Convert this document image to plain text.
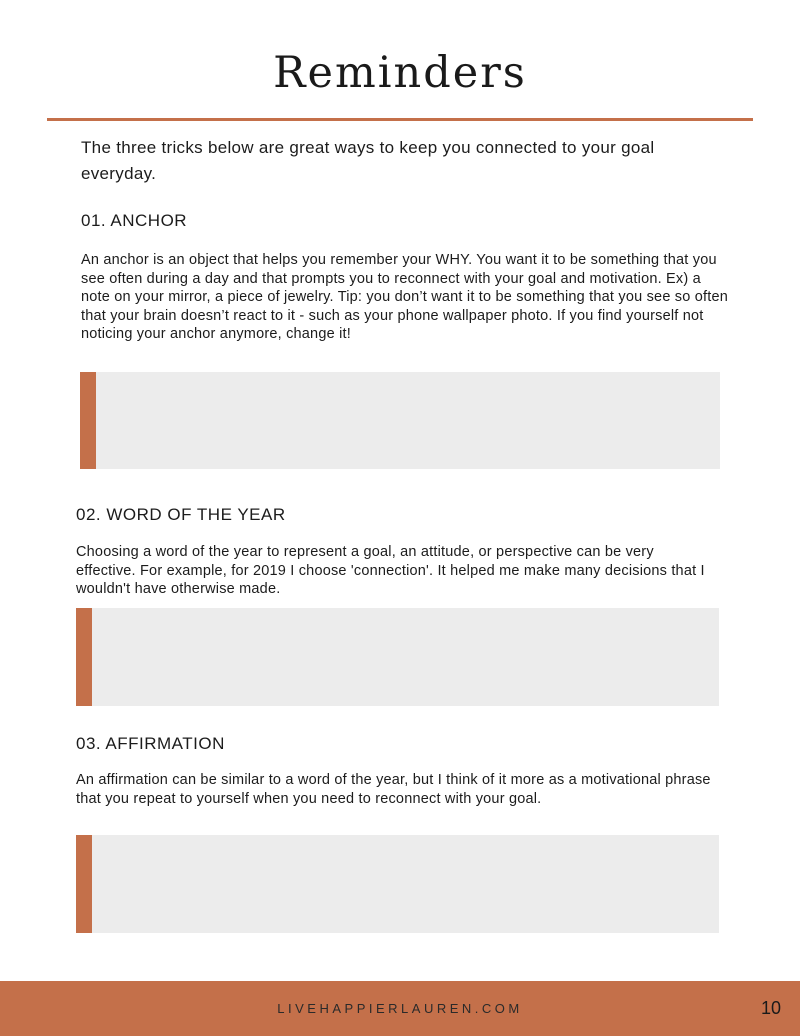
Reminders
The three tricks below are great ways to keep you connected to your goal everyday.
01. ANCHOR
An anchor is an object that helps you remember your WHY. You want it to be something that you see often during a day and that prompts you to reconnect with your goal and motivation. Ex) a note on your mirror, a piece of jewelry. Tip: you don’t want it to be something that you see so often that your brain doesn’t react to it - such as your phone wallpaper photo. If you find yourself not noticing your anchor anymore, change it!
02. WORD OF THE YEAR
Choosing a word of the year to represent a goal, an attitude, or perspective can be very effective. For example, for 2019 I choose 'connection'. It helped me make many decisions that I wouldn't have otherwise made.
03. AFFIRMATION
An affirmation can be similar to a word of the year, but I think of it more as a motivational phrase that you repeat to yourself when you need to reconnect with your goal.
LIVEHAPPIERLAUREN.COM	10
